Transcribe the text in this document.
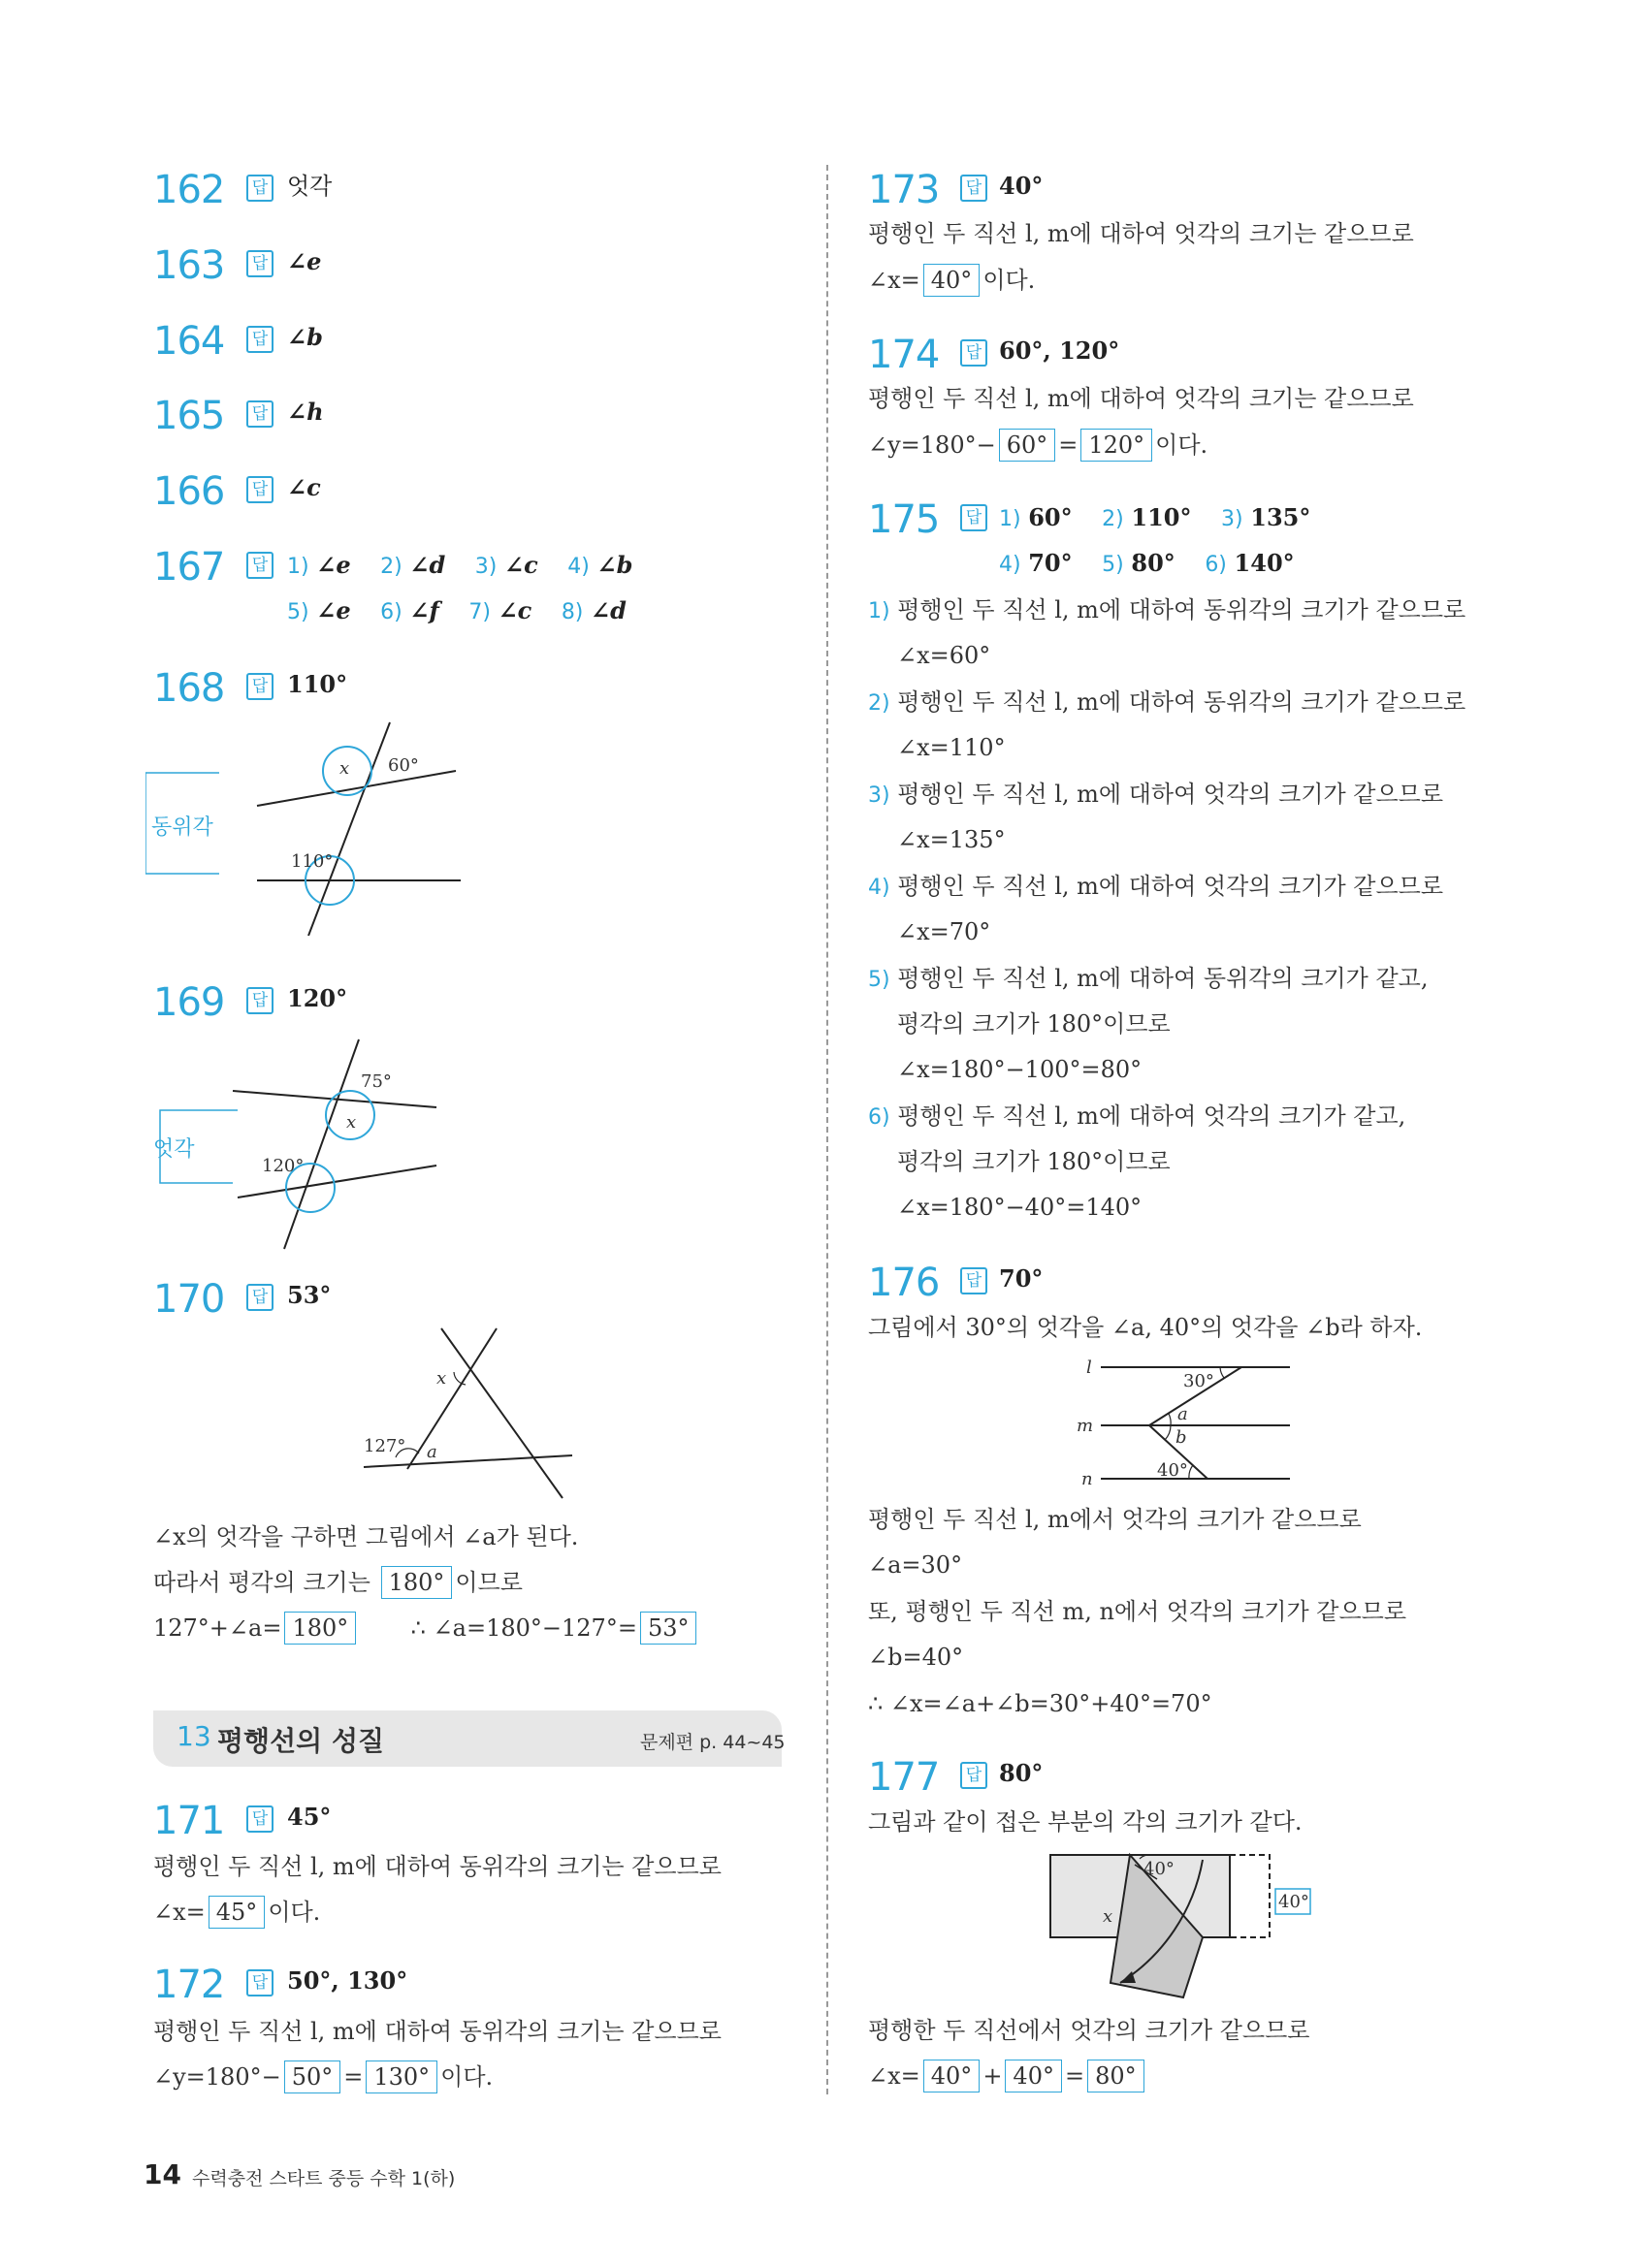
162	답 엇각
163	답 ∠e
164	답 ∠b
165	답 ∠h
166	답 ∠c
167	답 1) ∠e 2) ∠d 3) ∠c 4) ∠b
5) ∠e 6) ∠f 7) ∠c 8) ∠d
168	답 110°
동위각
x 60°
110°
169	답 120°
엇각
75°
x
120°
170	답 53°
x
127° a
∠x의 엇각을 구하면 그림에서 ∠a가 된다.
따라서 평각의 크기는 180° 이므로
127°+∠a= 180°	∴ ∠a=180°−127°= 53°
13 평행선의 성질	문제편 p. 44~45
171	답 45°
평행인 두 직선 l, m에 대하여 동위각의 크기는 같으므로
∠x= 45° 이다.
172	답 50°, 130°
평행인 두 직선 l, m에 대하여 동위각의 크기는 같으므로
∠y=180°− 50° = 130° 이다.
173	답 40°
평행인 두 직선 l, m에 대하여 엇각의 크기는 같으므로
∠x= 40° 이다.
174	답 60°, 120°
평행인 두 직선 l, m에 대하여 엇각의 크기는 같으므로
∠y=180°− 60° = 120° 이다.
175	답 1) 60° 2) 110° 3) 135°
4) 70° 5) 80° 6) 140°
1) 평행인 두 직선 l, m에 대하여 동위각의 크기가 같으므로
∠x=60°
2) 평행인 두 직선 l, m에 대하여 동위각의 크기가 같으므로
∠x=110°
3) 평행인 두 직선 l, m에 대하여 엇각의 크기가 같으므로
∠x=135°
4) 평행인 두 직선 l, m에 대하여 엇각의 크기가 같으므로
∠x=70°
5) 평행인 두 직선 l, m에 대하여 동위각의 크기가 같고,
평각의 크기가 180°이므로
∠x=180°−100°=80°
6) 평행인 두 직선 l, m에 대하여 엇각의 크기가 같고,
평각의 크기가 180°이므로
∠x=180°−40°=140°
176	답 70°
그림에서 30°의 엇각을 ∠a, 40°의 엇각을 ∠b라 하자.
l
m
n
30°
a
b
40°
평행인 두 직선 l, m에서 엇각의 크기가 같으므로
∠a=30°
또, 평행인 두 직선 m, n에서 엇각의 크기가 같으므로
∠b=40°
∴ ∠x=∠a+∠b=30°+40°=70°
177	답 80°
그림과 같이 접은 부분의 각의 크기가 같다.
40°
40°
x
평행한 두 직선에서 엇각의 크기가 같으므로
∠x= 40° + 40° = 80°
14 수력충전 스타트 중등 수학 1(하)
